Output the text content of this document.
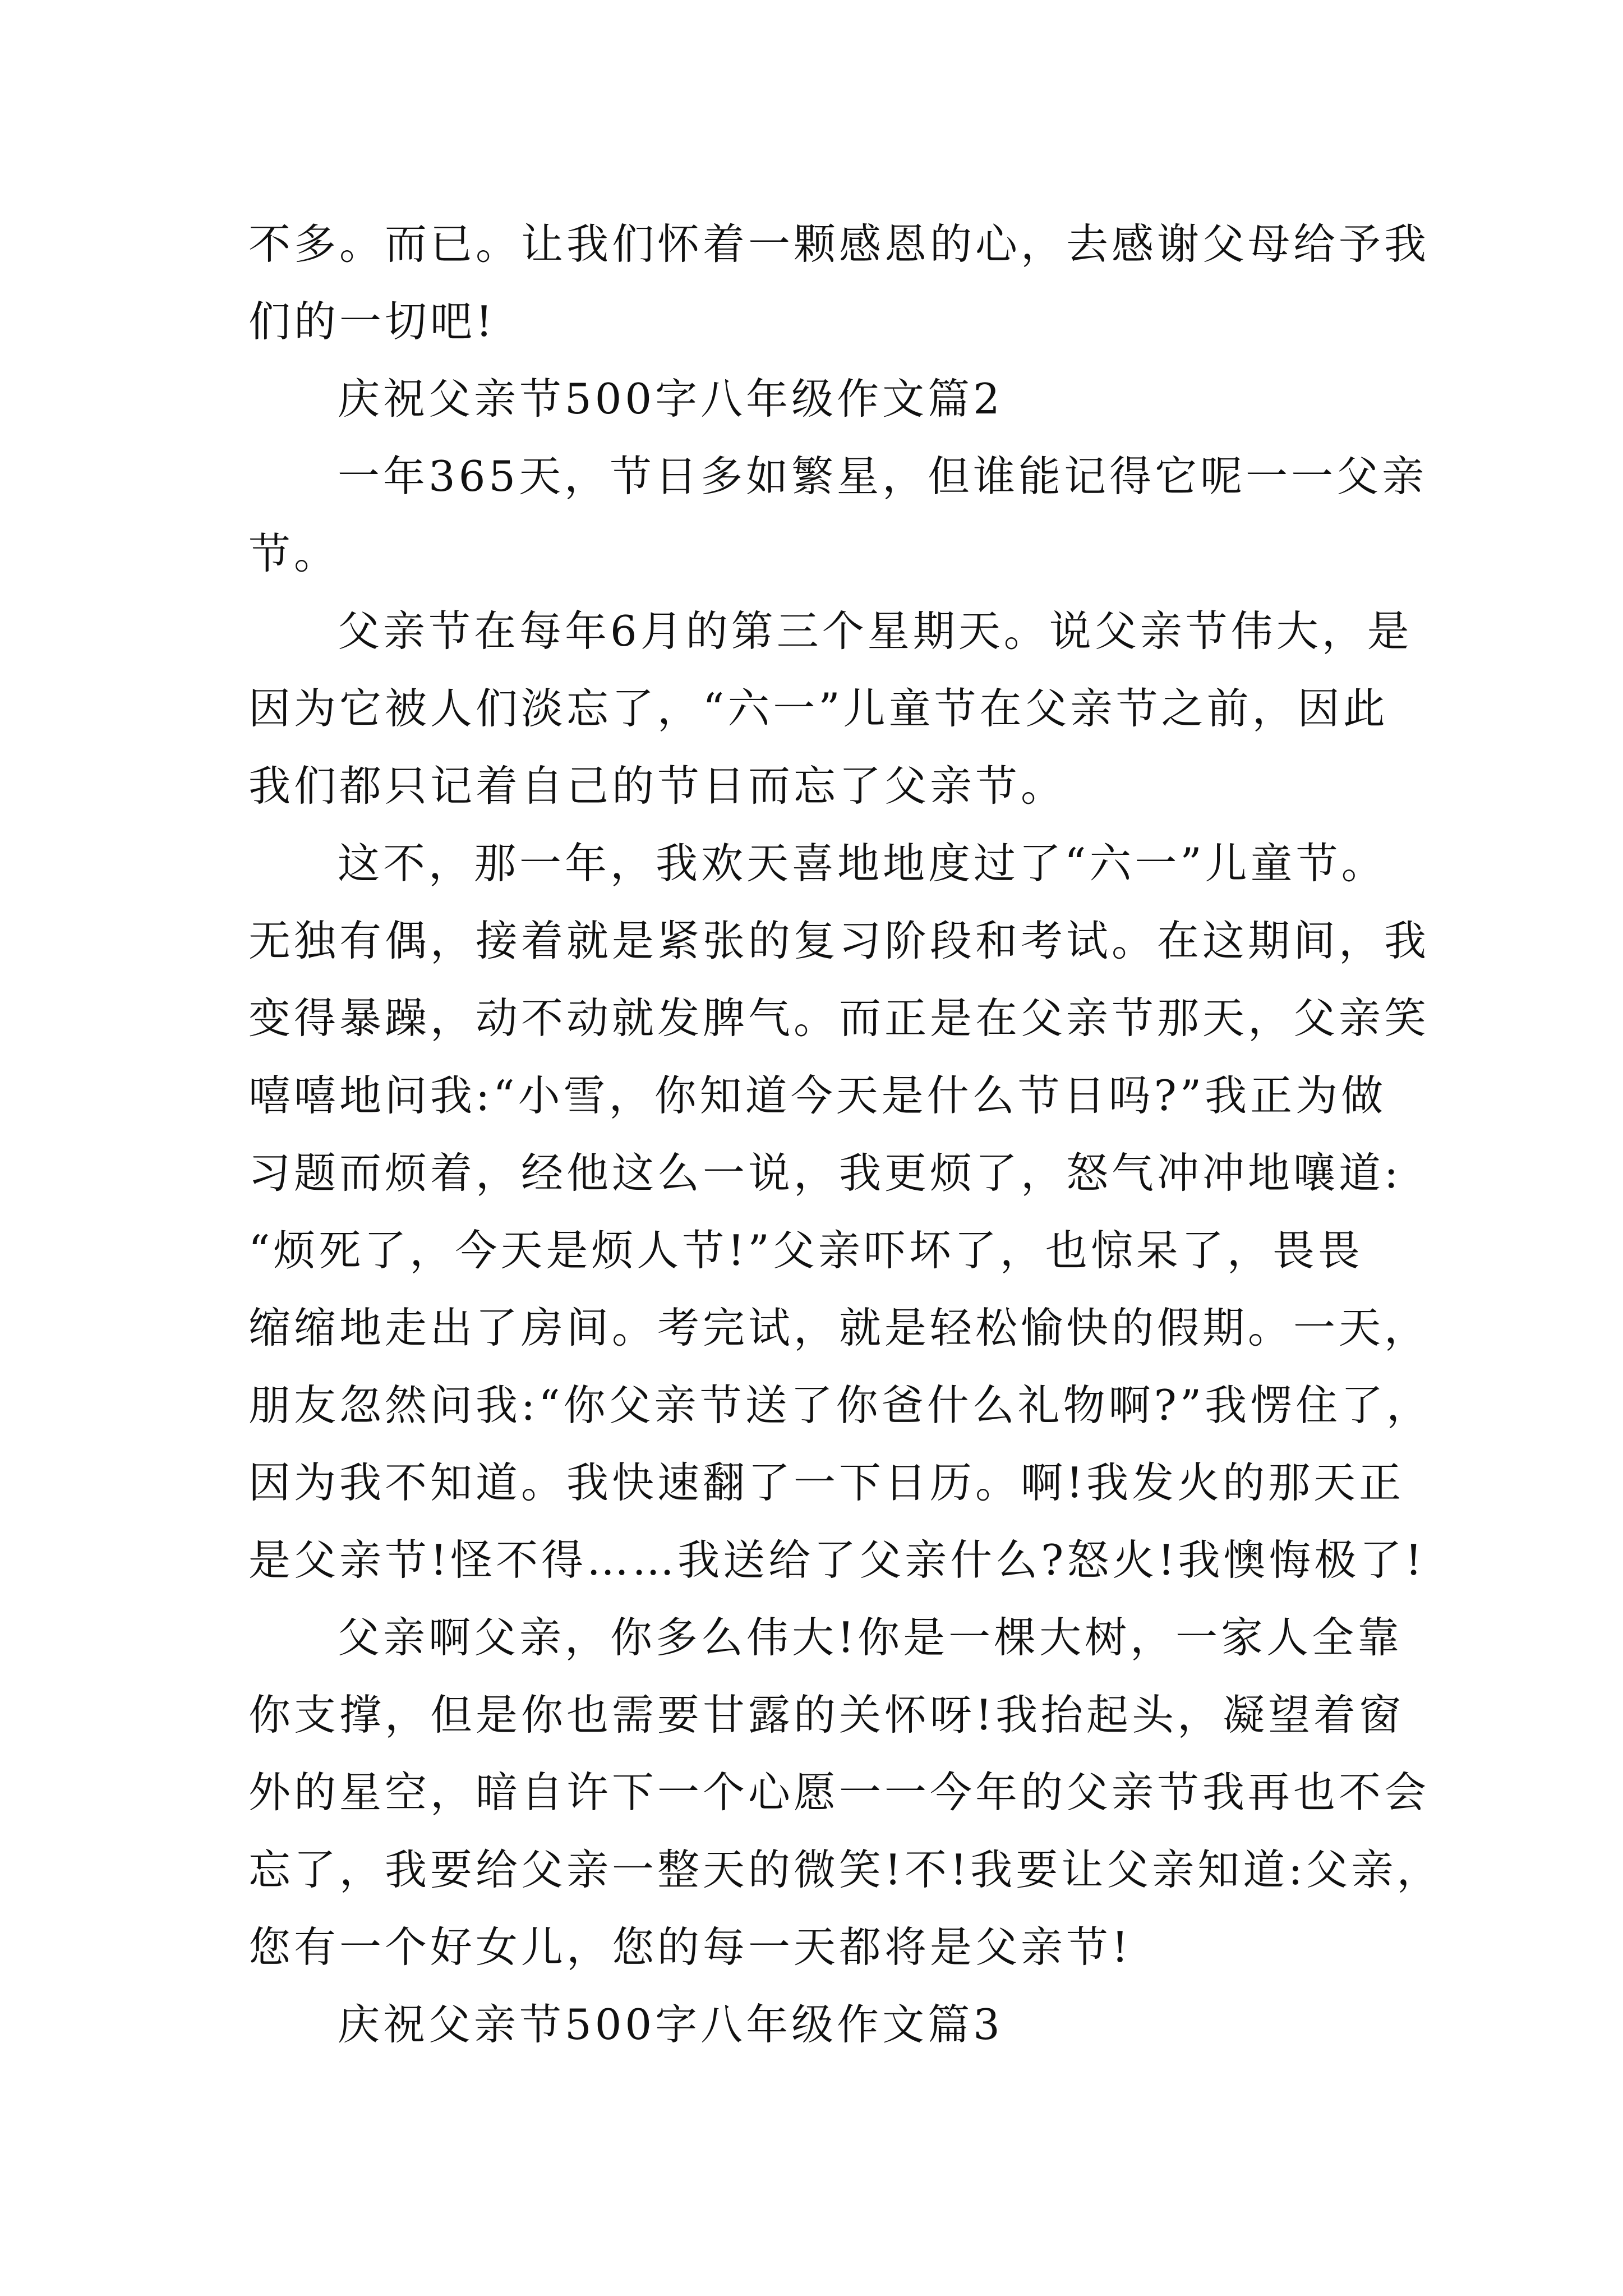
不多。而已。让我们怀着一颗感恩的心，去感谢父母给予我
们的一切吧!
庆祝父亲节500字八年级作文篇2
一年365天，节日多如繁星，但谁能记得它呢一一父亲
节。
父亲节在每年6月的第三个星期天。说父亲节伟大，是
因为它被人们淡忘了，“六一”儿童节在父亲节之前，因此
我们都只记着自己的节日而忘了父亲节。
这不，那一年，我欢天喜地地度过了“六一”儿童节。
无独有偶，接着就是紧张的复习阶段和考试。在这期间，我
变得暴躁，动不动就发脾气。而正是在父亲节那天，父亲笑
嘻嘻地问我:“小雪，你知道今天是什么节日吗?”我正为做
习题而烦着，经他这么一说，我更烦了，怒气冲冲地嚷道:
“烦死了，今天是烦人节!”父亲吓坏了，也惊呆了，畏畏
缩缩地走出了房间。考完试，就是轻松愉快的假期。一天，
朋友忽然问我:“你父亲节送了你爸什么礼物啊?”我愣住了，
因为我不知道。我快速翻了一下日历。啊!我发火的那天正
是父亲节!怪不得……我送给了父亲什么?怒火!我懊悔极了!
父亲啊父亲，你多么伟大!你是一棵大树，一家人全靠
你支撑，但是你也需要甘露的关怀呀!我抬起头，凝望着窗
外的星空，暗自许下一个心愿一一今年的父亲节我再也不会
忘了，我要给父亲一整天的微笑!不!我要让父亲知道:父亲，
您有一个好女儿，您的每一天都将是父亲节!
庆祝父亲节500字八年级作文篇3
